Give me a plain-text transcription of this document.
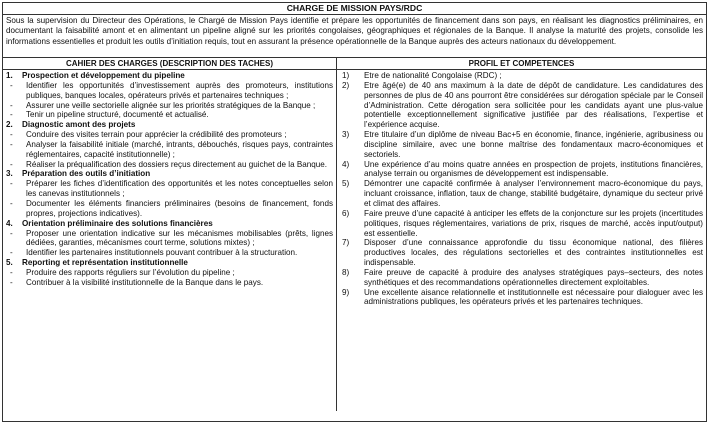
CHARGE DE MISSION PAYS/RDC
Sous la supervision du Directeur des Opérations, le Chargé de Mission Pays identifie et prépare les opportunités de financement dans son pays, en réalisant les diagnostics préliminaires, en documentant la faisabilité amont et en alimentant un pipeline aligné sur les priorités congolaises, géographiques et régionales de la Banque. Il analyse la maturité des projets, consolide les informations essentielles et produit les outils d’initiation requis, tout en assurant la présence opérationnelle de la Banque auprès des acteurs nationaux du développement.
CAHIER DES CHARGES (DESCRIPTION DES TACHES)
1.	Prospection et développement du pipeline
-	Identifier les opportunités d’investissement auprès des promoteurs, institutions publiques, banques locales, opérateurs privés et partenaires techniques ;
-	Assurer une veille sectorielle alignée sur les priorités stratégiques de la Banque ;
-	Tenir un pipeline structuré, documenté et actualisé.
2.	Diagnostic amont des projets
-	Conduire des visites terrain pour apprécier la crédibilité des promoteurs ;
-	Analyser la faisabilité initiale (marché, intrants, débouchés, risques pays, contraintes réglementaires, capacité institutionnelle) ;
-	Réaliser la préqualification des dossiers reçus directement au guichet de la Banque.
3.	Préparation des outils d’initiation
-	Préparer les fiches d’identification des opportunités et les notes conceptuelles selon les canevas institutionnels ;
-	Documenter les éléments financiers préliminaires (besoins de financement, fonds propres, projections indicatives).
4.	Orientation préliminaire des solutions financières
-	Proposer une orientation indicative sur les mécanismes mobilisables (prêts, lignes dédiées, garanties, mécanismes court terme, solutions mixtes) ;
-	Identifier les partenaires institutionnels pouvant contribuer à la structuration.
5.	Reporting et représentation institutionnelle
-	Produire des rapports réguliers sur l’évolution du pipeline ;
-	Contribuer à la visibilité institutionnelle de la Banque dans le pays.
PROFIL ET COMPETENCES
1)	Etre de nationalité Congolaise (RDC) ;
2)	Etre âgé(e) de 40 ans maximum à la date de dépôt de candidature. Les candidatures des personnes de plus de 40 ans pourront être considérées sur dérogation spéciale par le Conseil d’Administration. Cette dérogation sera sollicitée pour les candidats ayant une plus-value potentielle exceptionnellement significative justifiée par des réalisations, l’expertise et l’expérience acquise.
3)	Etre titulaire d’un diplôme de niveau Bac+5 en économie, finance, ingénierie, agribusiness ou discipline similaire, avec une bonne maîtrise des fondamentaux macro-économiques et sectoriels.
4)	Une expérience d’au moins quatre années en prospection de projets, institutions financières, analyse terrain ou organismes de développement est indispensable.
5)	Démontrer une capacité confirmée à analyser l’environnement macro-économique du pays, incluant croissance, inflation, taux de change, stabilité budgétaire, dynamique du secteur privé et climat des affaires.
6)	Faire preuve d’une capacité à anticiper les effets de la conjoncture sur les projets (incertitudes politiques, risques réglementaires, variations de prix, risques de marché, accès input/output) est essentielle.
7)	Disposer d’une connaissance approfondie du tissu économique national, des filières productives locales, des régulations sectorielles et des contraintes institutionnelles est indispensable.
8)	Faire preuve de capacité à produire des analyses stratégiques pays–secteurs, des notes synthétiques et des recommandations opérationnelles directement exploitables.
9)	Une excellente aisance relationnelle et institutionnelle est nécessaire pour dialoguer avec les administrations publiques, les opérateurs privés et les partenaires techniques.
